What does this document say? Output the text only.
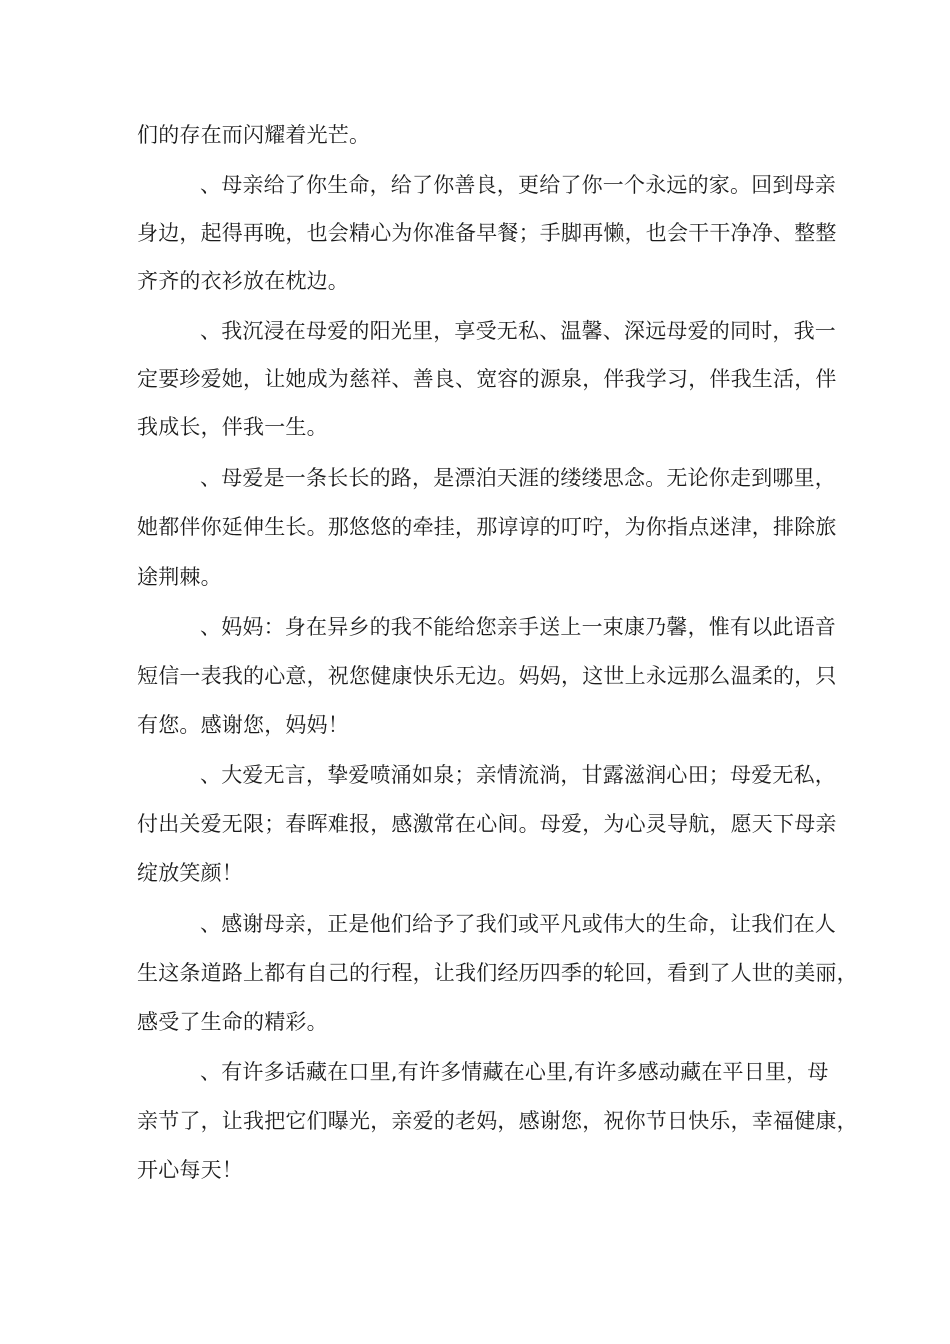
们的存在而闪耀着光芒。
、母亲给了你生命，给了你善良，更给了你一个永远的家。回到母亲
身边，起得再晚，也会精心为你准备早餐；手脚再懒，也会干干净净、整整
齐齐的衣衫放在枕边。
、我沉浸在母爱的阳光里，享受无私、温馨、深远母爱的同时，我一
定要珍爱她，让她成为慈祥、善良、宽容的源泉，伴我学习，伴我生活，伴
我成长，伴我一生。
、母爱是一条长长的路，是漂泊天涯的缕缕思念。无论你走到哪里，
她都伴你延伸生长。那悠悠的牵挂，那谆谆的叮咛，为你指点迷津，排除旅
途荆棘。
、妈妈：身在异乡的我不能给您亲手送上一束康乃馨，惟有以此语音
短信一表我的心意，祝您健康快乐无边。妈妈，这世上永远那么温柔的，只
有您。感谢您，妈妈！
、大爱无言，挚爱喷涌如泉；亲情流淌，甘露滋润心田；母爱无私，
付出关爱无限；春晖难报，感激常在心间。母爱，为心灵导航，愿天下母亲
绽放笑颜！
、感谢母亲，正是他们给予了我们或平凡或伟大的生命，让我们在人
生这条道路上都有自己的行程，让我们经历四季的轮回，看到了人世的美丽，
感受了生命的精彩。
、有许多话藏在口里,有许多情藏在心里,有许多感动藏在平日里，母
亲节了，让我把它们曝光，亲爱的老妈，感谢您，祝你节日快乐，幸福健康，
开心每天！
